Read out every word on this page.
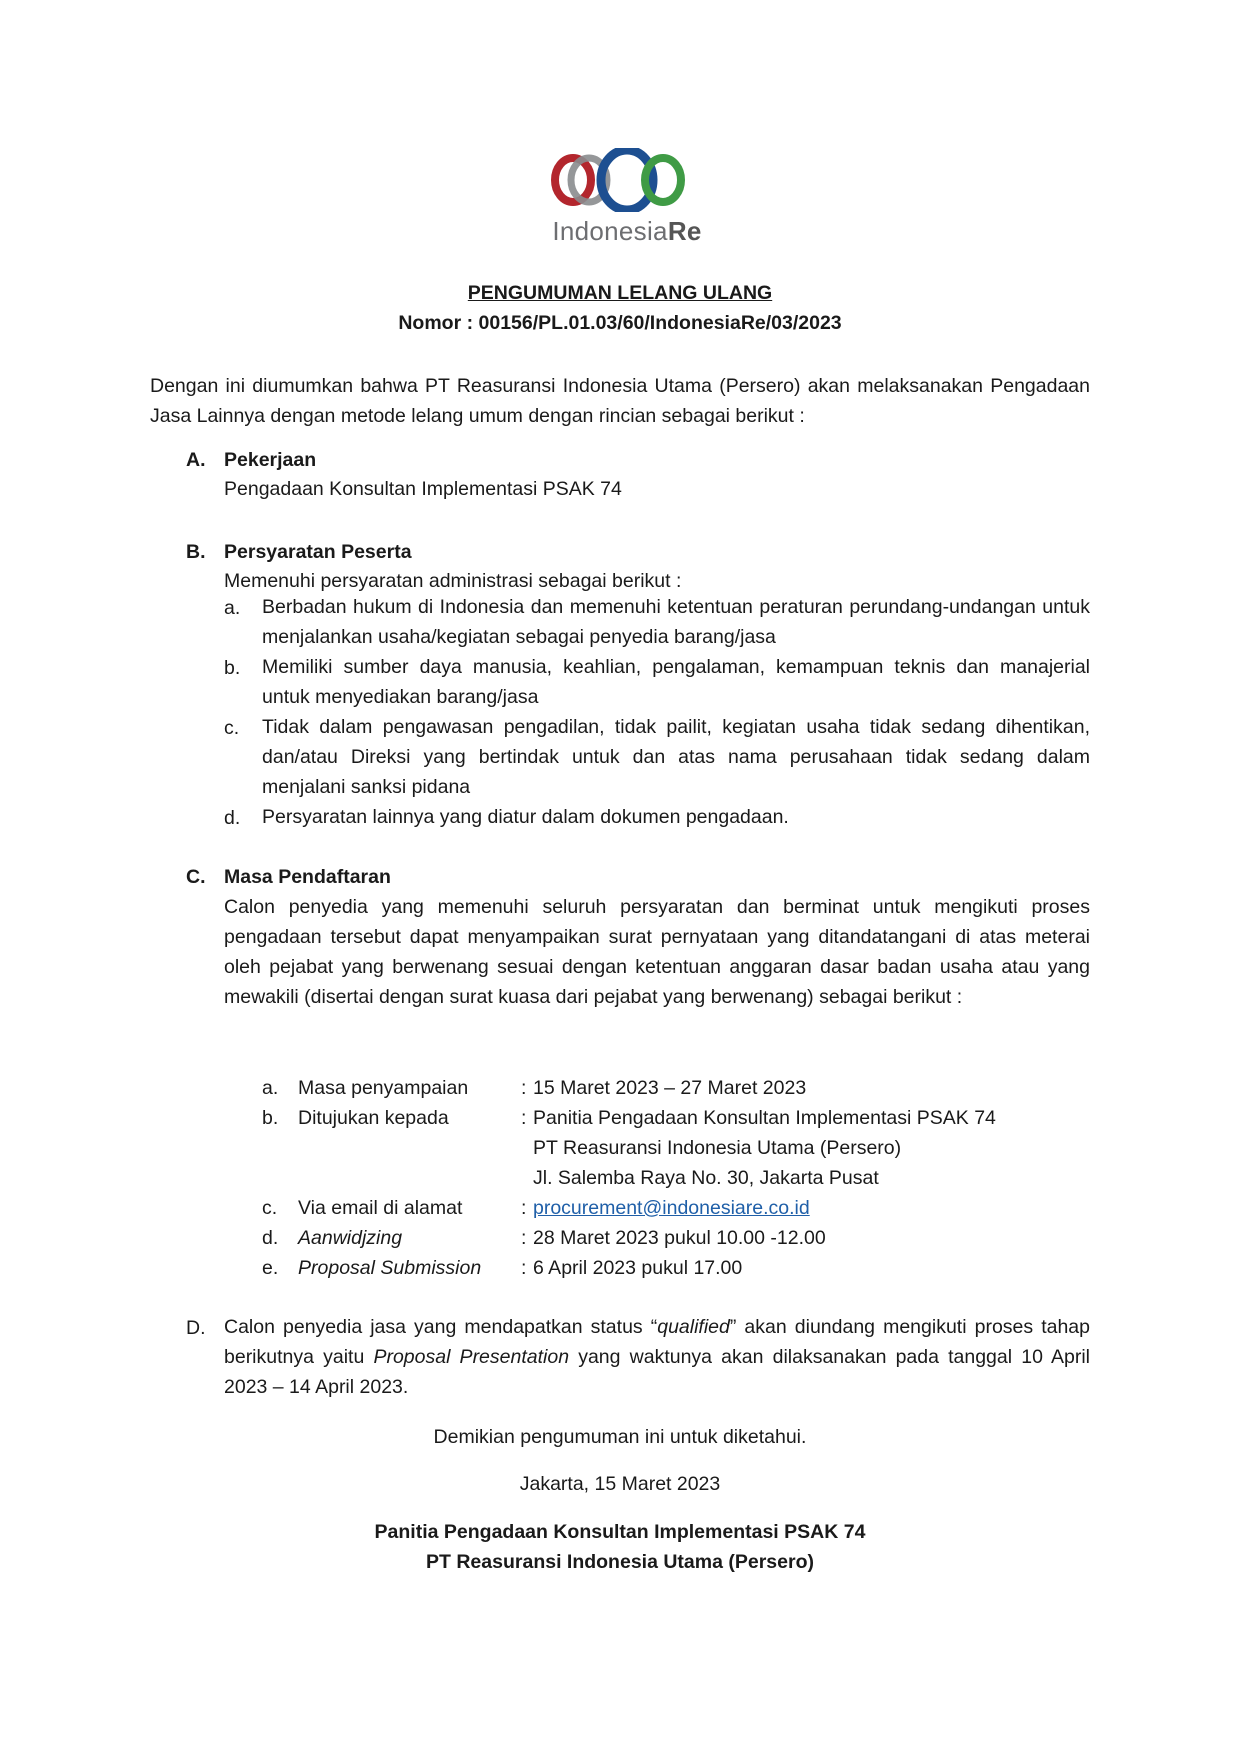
IndonesiaRe
PENGUMUMAN LELANG ULANG
Nomor : 00156/PL.01.03/60/IndonesiaRe/03/2023
Dengan ini diumumkan bahwa PT Reasuransi Indonesia Utama (Persero) akan melaksanakan Pengadaan Jasa Lainnya dengan metode lelang umum dengan rincian sebagai berikut :
A. Pekerjaan
Pengadaan Konsultan Implementasi PSAK 74
B. Persyaratan Peserta
Memenuhi persyaratan administrasi sebagai berikut :
a. Berbadan hukum di Indonesia dan memenuhi ketentuan peraturan perundang-undangan untuk menjalankan usaha/kegiatan sebagai penyedia barang/jasa
b. Memiliki sumber daya manusia, keahlian, pengalaman, kemampuan teknis dan manajerial untuk menyediakan barang/jasa
c. Tidak dalam pengawasan pengadilan, tidak pailit, kegiatan usaha tidak sedang dihentikan, dan/atau Direksi yang bertindak untuk dan atas nama perusahaan tidak sedang dalam menjalani sanksi pidana
d. Persyaratan lainnya yang diatur dalam dokumen pengadaan.
C. Masa Pendaftaran
Calon penyedia yang memenuhi seluruh persyaratan dan berminat untuk mengikuti proses pengadaan tersebut dapat menyampaikan surat pernyataan yang ditandatangani di atas meterai oleh pejabat yang berwenang sesuai dengan ketentuan anggaran dasar badan usaha atau yang mewakili (disertai dengan surat kuasa dari pejabat yang berwenang) sebagai berikut :
a. Masa penyampaian	: 15 Maret 2023 – 27 Maret 2023
b. Ditujukan kepada	: Panitia Pengadaan Konsultan Implementasi PSAK 74
PT Reasuransi Indonesia Utama (Persero)
Jl. Salemba Raya No. 30, Jakarta Pusat
c. Via email di alamat	: procurement@indonesiare.co.id
d. Aanwidjzing	: 28 Maret 2023 pukul 10.00 -12.00
e. Proposal Submission : 6 April 2023 pukul 17.00
D. Calon penyedia jasa yang mendapatkan status “qualified” akan diundang mengikuti proses tahap berikutnya yaitu Proposal Presentation yang waktunya akan dilaksanakan pada tanggal 10 April 2023 – 14 April 2023.
Demikian pengumuman ini untuk diketahui.
Jakarta, 15 Maret 2023
Panitia Pengadaan Konsultan Implementasi PSAK 74
PT Reasuransi Indonesia Utama (Persero)
